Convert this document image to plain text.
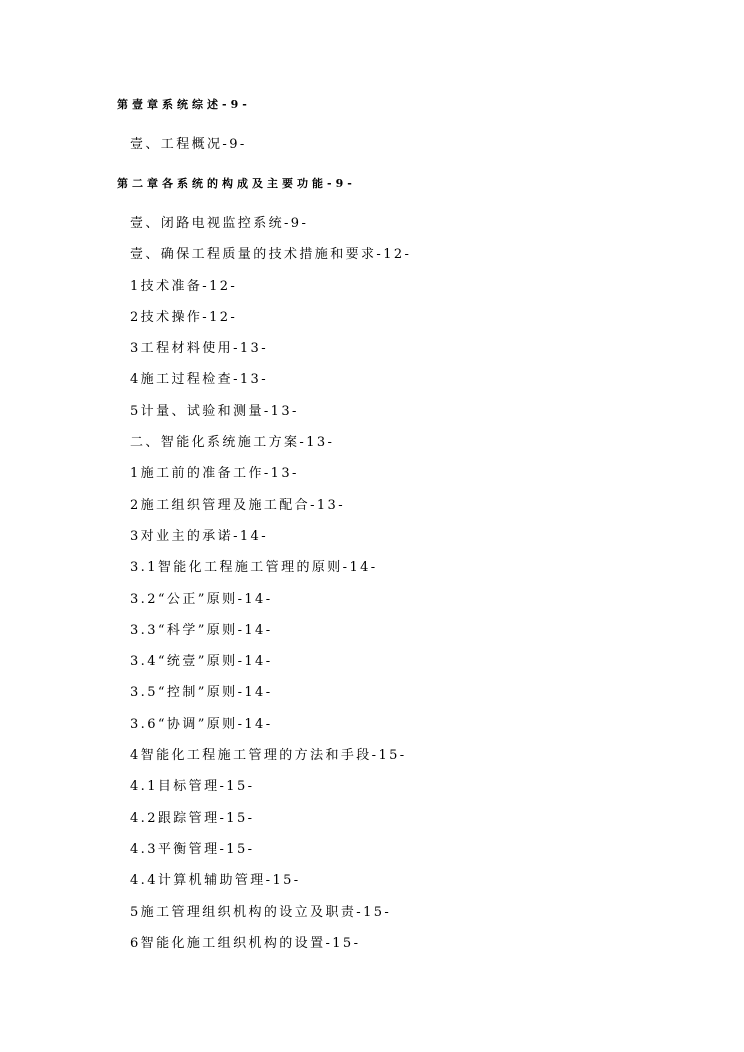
第壹章系统综述-9-
壹、工程概况-9-
第二章各系统的构成及主要功能-9-
壹、闭路电视监控系统-9-
壹、确保工程质量的技术措施和要求-12-
1技术准备-12-
2技术操作-12-
3工程材料使用-13-
4施工过程检查-13-
5计量、试验和测量-13-
二、智能化系统施工方案-13-
1施工前的准备工作-13-
2施工组织管理及施工配合-13-
3对业主的承诺-14-
3.1智能化工程施工管理的原则-14-
3.2“公正”原则-14-
3.3“科学”原则-14-
3.4“统壹”原则-14-
3.5“控制”原则-14-
3.6“协调”原则-14-
4智能化工程施工管理的方法和手段-15-
4.1目标管理-15-
4.2跟踪管理-15-
4.3平衡管理-15-
4.4计算机辅助管理-15-
5施工管理组织机构的设立及职责-15-
6智能化施工组织机构的设置-15-
